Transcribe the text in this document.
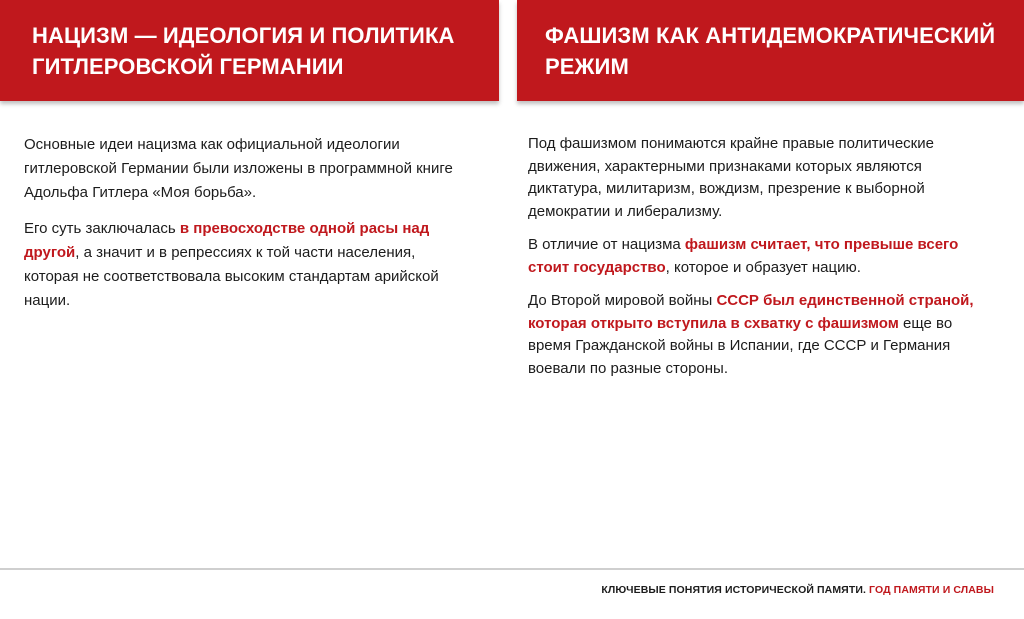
НАЦИЗМ — ИДЕОЛОГИЯ И ПОЛИТИКА ГИТЛЕРОВСКОЙ ГЕРМАНИИ
ФАШИЗМ КАК АНТИДЕМОКРАТИЧЕСКИЙ РЕЖИМ

Основные идеи нацизма как официальной идеологии гитлеровской Германии были изложены в программной книге Адольфа Гитлера «Моя борьба».

Его суть заключалась в превосходстве одной расы над другой, а значит и в репрессиях к той части населения, которая не соответствовала высоким стандартам арийской нации.

Под фашизмом понимаются крайне правые политические движения, характерными признаками которых являются диктатура, милитаризм, вождизм, презрение к выборной демократии и либерализму.

В отличие от нацизма фашизм считает, что превыше всего стоит государство, которое и образует нацию.

До Второй мировой войны СССР был единственной страной, которая открыто вступила в схватку с фашизмом еще во время Гражданской войны в Испании, где СССР и Германия воевали по разные стороны.

КЛЮЧЕВЫЕ ПОНЯТИЯ ИСТОРИЧЕСКОЙ ПАМЯТИ. ГОД ПАМЯТИ И СЛАВЫ
